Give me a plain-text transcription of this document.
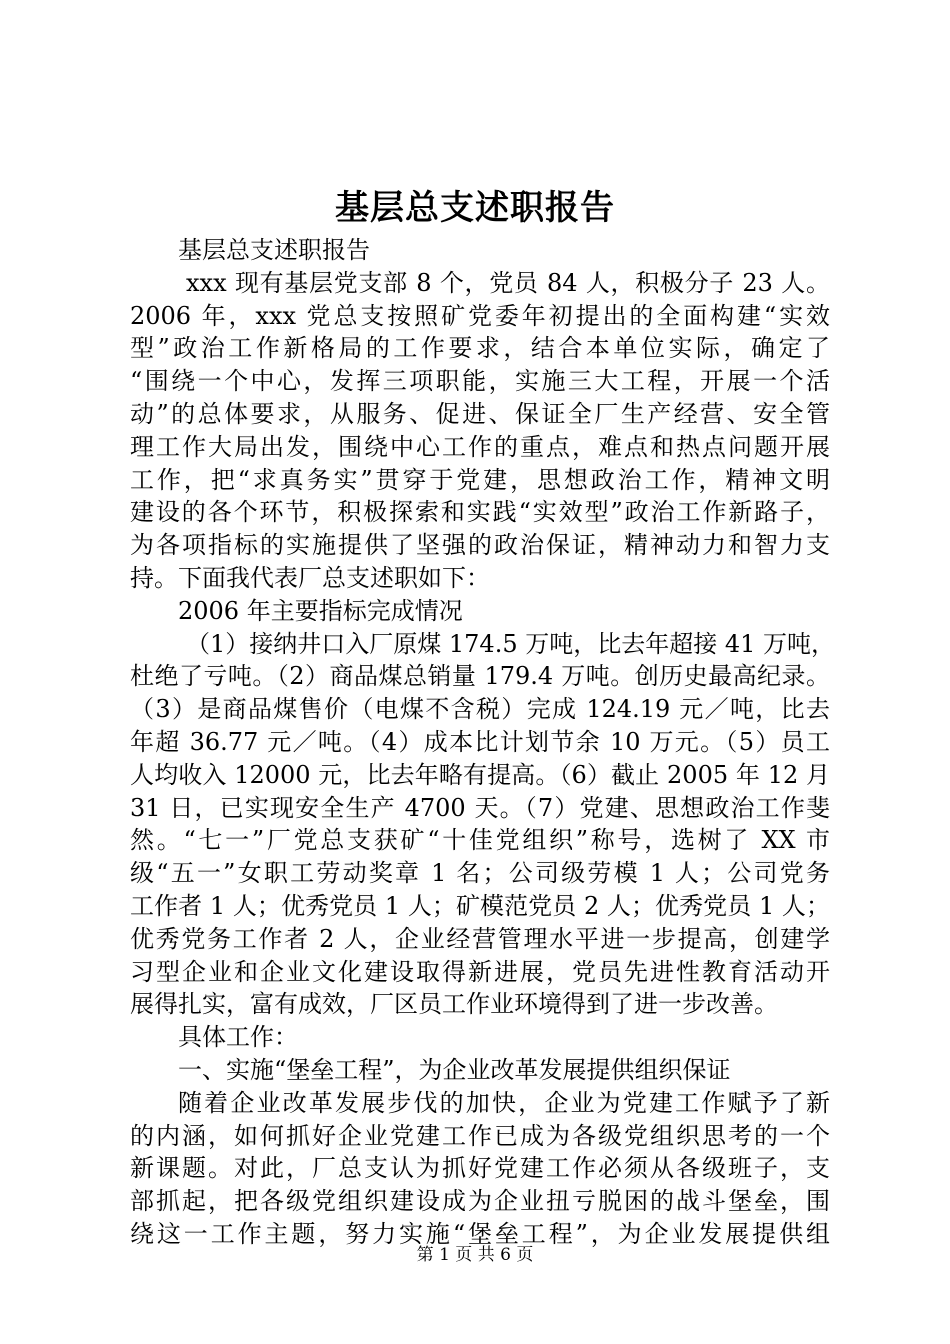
基层总支述职报告
基层总支述职报告
xxx 现有基层党支部 8 个，党员 84 人，积极分子 23 人。
2006 年，xxx 党总支按照矿党委年初提出的全面构建“实效
型”政治工作新格局的工作要求，结合本单位实际，确定了
“围绕一个中心，发挥三项职能，实施三大工程，开展一个活
动”的总体要求，从服务、促进、保证全厂生产经营、安全管
理工作大局出发，围绕中心工作的重点，难点和热点问题开展
工作，把“求真务实”贯穿于党建，思想政治工作，精神文明
建设的各个环节，积极探索和实践“实效型”政治工作新路子，
为各项指标的实施提供了坚强的政治保证，精神动力和智力支
持。下面我代表厂总支述职如下：
2006 年主要指标完成情况
（1）接纳井口入厂原煤 174.5 万吨，比去年超接 41 万吨，
杜绝了亏吨。（2）商品煤总销量 179.4 万吨。创历史最高纪录。
（3）是商品煤售价（电煤不含税）完成 124.19 元／吨，比去
年超 36.77 元／吨。（4）成本比计划节余 10 万元。（5）员工
人均收入 12000 元，比去年略有提高。（6）截止 2005 年 12 月
31 日，已实现安全生产 4700 天。（7）党建、思想政治工作斐
然。“七一”厂党总支获矿“十佳党组织”称号，选树了 XX 市
级“五一”女职工劳动奖章 1 名；公司级劳模 1 人；公司党务
工作者 1 人；优秀党员 1 人；矿模范党员 2 人；优秀党员 1 人；
优秀党务工作者 2 人，企业经营管理水平进一步提高，创建学
习型企业和企业文化建设取得新进展，党员先进性教育活动开
展得扎实，富有成效，厂区员工作业环境得到了进一步改善。
具体工作：
一、实施“堡垒工程”，为企业改革发展提供组织保证
随着企业改革发展步伐的加快，企业为党建工作赋予了新
的内涵，如何抓好企业党建工作已成为各级党组织思考的一个
新课题。对此，厂总支认为抓好党建工作必须从各级班子，支
部抓起，把各级党组织建设成为企业扭亏脱困的战斗堡垒，围
绕这一工作主题，努力实施“堡垒工程”，为企业发展提供组
第 1 页 共 6 页
